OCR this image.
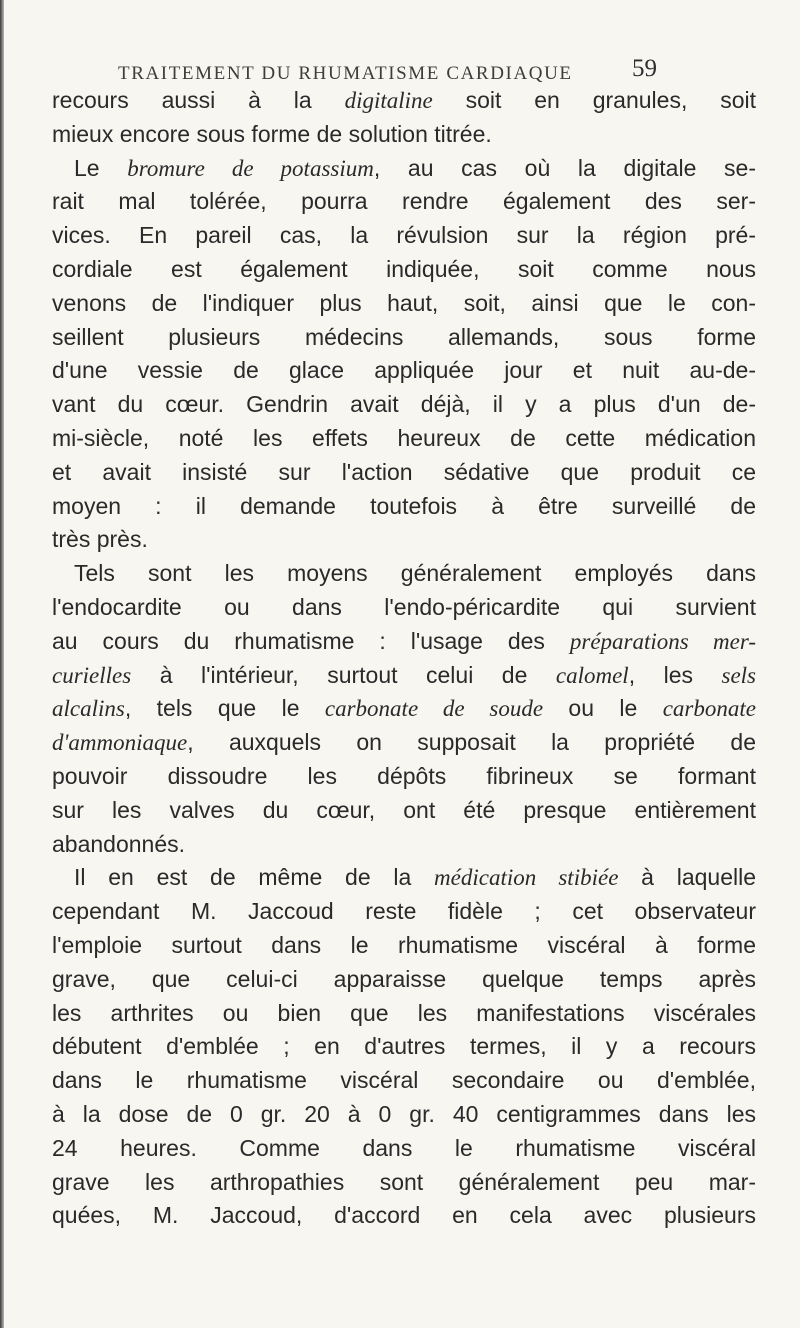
TRAITEMENT DU RHUMATISME CARDIAQUE 59
recours aussi à la digitaline soit en granules, soit
mieux encore sous forme de solution titrée.
Le bromure de potassium, au cas où la digitale se-
rait mal tolérée, pourra rendre également des ser-
vices. En pareil cas, la révulsion sur la région pré-
cordiale est également indiquée, soit comme nous
venons de l'indiquer plus haut, soit, ainsi que le con-
seillent plusieurs médecins allemands, sous forme
d'une vessie de glace appliquée jour et nuit au-de-
vant du cœur. Gendrin avait déjà, il y a plus d'un de-
mi-siècle, noté les effets heureux de cette médication
et avait insisté sur l'action sédative que produit ce
moyen : il demande toutefois à être surveillé de
très près.
Tels sont les moyens généralement employés dans
l'endocardite ou dans l'endo-péricardite qui survient
au cours du rhumatisme : l'usage des préparations mer-
curielles à l'intérieur, surtout celui de calomel, les sels
alcalins, tels que le carbonate de soude ou le carbonate
d'ammoniaque, auxquels on supposait la propriété de
pouvoir dissoudre les dépôts fibrineux se formant
sur les valves du cœur, ont été presque entièrement
abandonnés.
Il en est de même de la médication stibiée à laquelle
cependant M. Jaccoud reste fidèle ; cet observateur
l'emploie surtout dans le rhumatisme viscéral à forme
grave, que celui-ci apparaisse quelque temps après
les arthrites ou bien que les manifestations viscérales
débutent d'emblée ; en d'autres termes, il y a recours
dans le rhumatisme viscéral secondaire ou d'emblée,
à la dose de 0 gr. 20 à 0 gr. 40 centigrammes dans les
24 heures. Comme dans le rhumatisme viscéral
grave les arthropathies sont généralement peu mar-
quées, M. Jaccoud, d'accord en cela avec plusieurs
